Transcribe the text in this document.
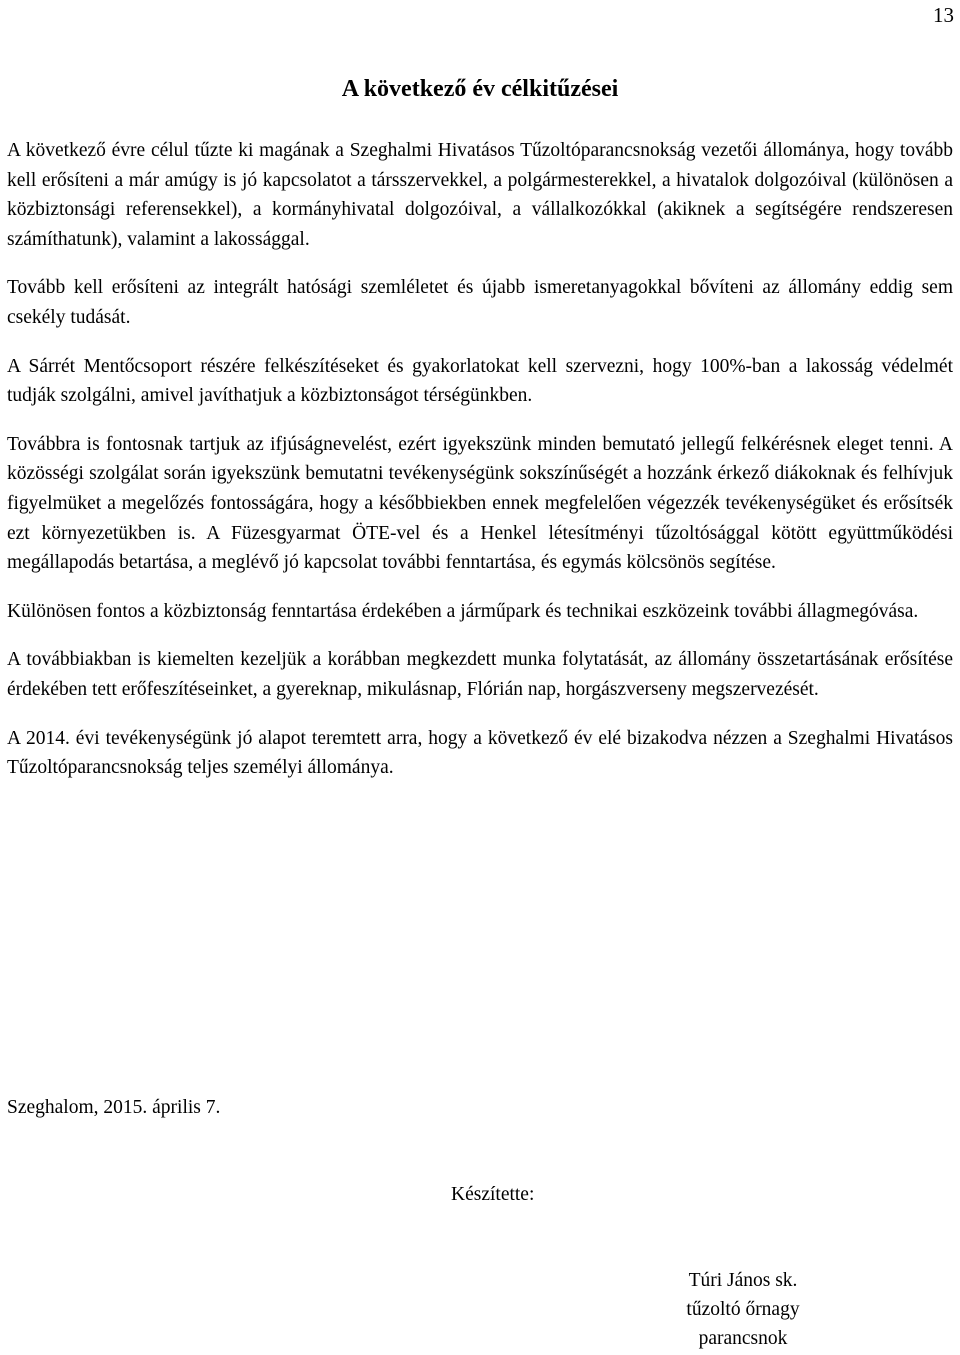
13
A következő év célkitűzései

A következő évre célul tűzte ki magának a Szeghalmi Hivatásos Tűzoltóparancsnokság vezetői állománya, hogy tovább kell erősíteni a már amúgy is jó kapcsolatot a társszervekkel, a polgármesterekkel, a hivatalok dolgozóival (különösen a közbiztonsági referensekkel), a kormányhivatal dolgozóival, a vállalkozókkal (akiknek a segítségére rendszeresen számíthatunk), valamint a lakossággal.

Tovább kell erősíteni az integrált hatósági szemléletet és újabb ismeretanyagokkal bővíteni az állomány eddig sem csekély tudását.

A Sárrét Mentőcsoport részére felkészítéseket és gyakorlatokat kell szervezni, hogy 100%-ban a lakosság védelmét tudják szolgálni, amivel javíthatjuk a közbiztonságot térségünkben.

Továbbra is fontosnak tartjuk az ifjúságnevelést, ezért igyekszünk minden bemutató jellegű felkérésnek eleget tenni. A közösségi szolgálat során igyekszünk bemutatni tevékenységünk sokszínűségét a hozzánk érkező diákoknak és felhívjuk figyelmüket a megelőzés fontosságára, hogy a későbbiekben ennek megfelelően végezzék tevékenységüket és erősítsék ezt környezetükben is. A Füzesgyarmat ÖTE-vel és a Henkel létesítményi tűzoltósággal kötött együttműködési megállapodás betartása, a meglévő jó kapcsolat további fenntartása, és egymás kölcsönös segítése.

Különösen fontos a közbiztonság fenntartása érdekében a járműpark és technikai eszközeink további állagmegóvása.

A továbbiakban is kiemelten kezeljük a korábban megkezdett munka folytatását, az állomány összetartásának erősítése érdekében tett erőfeszítéseinket, a gyereknap, mikulásnap, Flórián nap, horgászverseny megszervezését.

A 2014. évi tevékenységünk jó alapot teremtett arra, hogy a következő év elé bizakodva nézzen a Szeghalmi Hivatásos Tűzoltóparancsnokság teljes személyi állománya.

Szeghalom, 2015. április 7.
Készítette:
Túri János sk.
tűzoltó őrnagy
parancsnok
